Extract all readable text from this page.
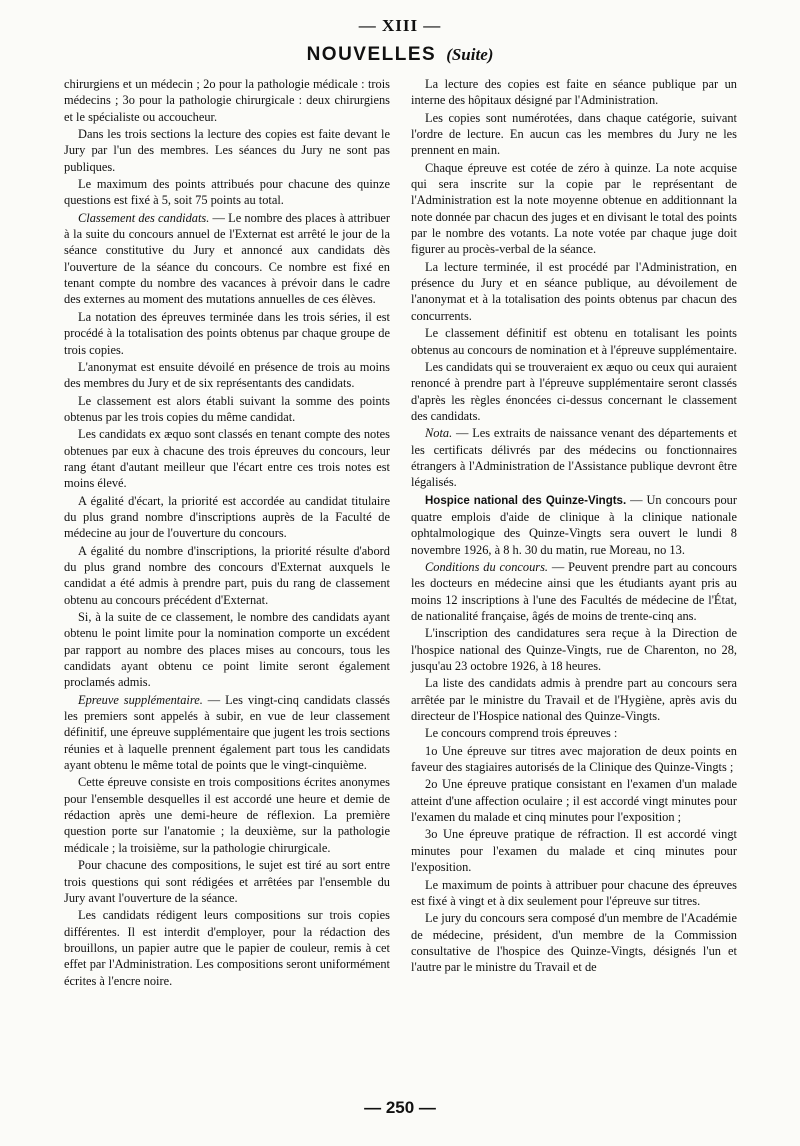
— XIII —
NOUVELLES (Suite)

chirurgiens et un médecin ; 2o pour la pathologie médicale : trois médecins ; 3o pour la pathologie chirurgicale : deux chirurgiens et le spécialiste ou accoucheur.

Dans les trois sections la lecture des copies est faite devant le Jury par l'un des membres. Les séances du Jury ne sont pas publiques.

Le maximum des points attribués pour chacune des quinze questions est fixé à 5, soit 75 points au total.

Classement des candidats. — Le nombre des places à attribuer à la suite du concours annuel de l'Externat est arrêté le jour de la séance constitutive du Jury et annoncé aux candidats dès l'ouverture de la séance du concours. Ce nombre est fixé en tenant compte du nombre des vacances à prévoir dans le cadre des externes au moment des mutations annuelles de ces élèves.

La notation des épreuves terminée dans les trois séries, il est procédé à la totalisation des points obtenus par chaque groupe de trois copies.

L'anonymat est ensuite dévoilé en présence de trois au moins des membres du Jury et de six représentants des candidats.

Le classement est alors établi suivant la somme des points obtenus par les trois copies du même candidat.

Les candidats ex æquo sont classés en tenant compte des notes obtenues par eux à chacune des trois épreuves du concours, leur rang étant d'autant meilleur que l'écart entre ces trois notes est moins élevé.

A égalité d'écart, la priorité est accordée au candidat titulaire du plus grand nombre d'inscriptions auprès de la Faculté de médecine au jour de l'ouverture du concours.

A égalité du nombre d'inscriptions, la priorité résulte d'abord du plus grand nombre des concours d'Externat auxquels le candidat a été admis à prendre part, puis du rang de classement obtenu au concours précédent d'Externat.

Si, à la suite de ce classement, le nombre des candidats ayant obtenu le point limite pour la nomination comporte un excédent par rapport au nombre des places mises au concours, tous les candidats ayant obtenu ce point limite seront également proclamés admis.

Epreuve supplémentaire. — Les vingt-cinq candidats classés les premiers sont appelés à subir, en vue de leur classement définitif, une épreuve supplémentaire que jugent les trois sections réunies et à laquelle prennent également part tous les candidats ayant obtenu le même total de points que le vingt-cinquième.

Cette épreuve consiste en trois compositions écrites anonymes pour l'ensemble desquelles il est accordé une heure et demie de rédaction après une demi-heure de réflexion. La première question porte sur l'anatomie ; la deuxième, sur la pathologie médicale ; la troisième, sur la pathologie chirurgicale.

Pour chacune des compositions, le sujet est tiré au sort entre trois questions qui sont rédigées et arrêtées par l'ensemble du Jury avant l'ouverture de la séance.

Les candidats rédigent leurs compositions sur trois copies différentes. Il est interdit d'employer, pour la rédaction des brouillons, un papier autre que le papier de couleur, remis à cet effet par l'Administration. Les compositions seront uniformément écrites à l'encre noire.

La lecture des copies est faite en séance publique par un interne des hôpitaux désigné par l'Administration.

Les copies sont numérotées, dans chaque catégorie, suivant l'ordre de lecture. En aucun cas les membres du Jury ne les prennent en main.

Chaque épreuve est cotée de zéro à quinze. La note acquise qui sera inscrite sur la copie par le représentant de l'Administration est la note moyenne obtenue en additionnant la note donnée par chacun des juges et en divisant le total des points par le nombre des votants. La note votée par chaque juge doit figurer au procès-verbal de la séance.

La lecture terminée, il est procédé par l'Administration, en présence du Jury et en séance publique, au dévoilement de l'anonymat et à la totalisation des points obtenus par chacun des concurrents.

Le classement définitif est obtenu en totalisant les points obtenus au concours de nomination et à l'épreuve supplémentaire.

Les candidats qui se trouveraient ex æquo ou ceux qui auraient renoncé à prendre part à l'épreuve supplémentaire seront classés d'après les règles énoncées ci-dessus concernant le classement des candidats.

Nota. — Les extraits de naissance venant des départements et les certificats délivrés par des médecins ou fonctionnaires étrangers à l'Administration de l'Assistance publique devront être légalisés.

Hospice national des Quinze-Vingts. — Un concours pour quatre emplois d'aide de clinique à la clinique nationale ophtalmologique des Quinze-Vingts sera ouvert le lundi 8 novembre 1926, à 8 h. 30 du matin, rue Moreau, no 13.

Conditions du concours. — Peuvent prendre part au concours les docteurs en médecine ainsi que les étudiants ayant pris au moins 12 inscriptions à l'une des Facultés de médecine de l'État, de nationalité française, âgés de moins de trente-cinq ans.

L'inscription des candidatures sera reçue à la Direction de l'hospice national des Quinze-Vingts, rue de Charenton, no 28, jusqu'au 23 octobre 1926, à 18 heures.

La liste des candidats admis à prendre part au concours sera arrêtée par le ministre du Travail et de l'Hygiène, après avis du directeur de l'Hospice national des Quinze-Vingts.

Le concours comprend trois épreuves :

1o Une épreuve sur titres avec majoration de deux points en faveur des stagiaires autorisés de la Clinique des Quinze-Vingts ;

2o Une épreuve pratique consistant en l'examen d'un malade atteint d'une affection oculaire ; il est accordé vingt minutes pour l'examen du malade et cinq minutes pour l'exposition ;

3o Une épreuve pratique de réfraction. Il est accordé vingt minutes pour l'examen du malade et cinq minutes pour l'exposition.

Le maximum de points à attribuer pour chacune des épreuves est fixé à vingt et à dix seulement pour l'épreuve sur titres.

Le jury du concours sera composé d'un membre de l'Académie de médecine, président, d'un membre de la Commission consultative de l'hospice des Quinze-Vingts, désignés l'un et l'autre par le ministre du Travail et de

— 250 —
